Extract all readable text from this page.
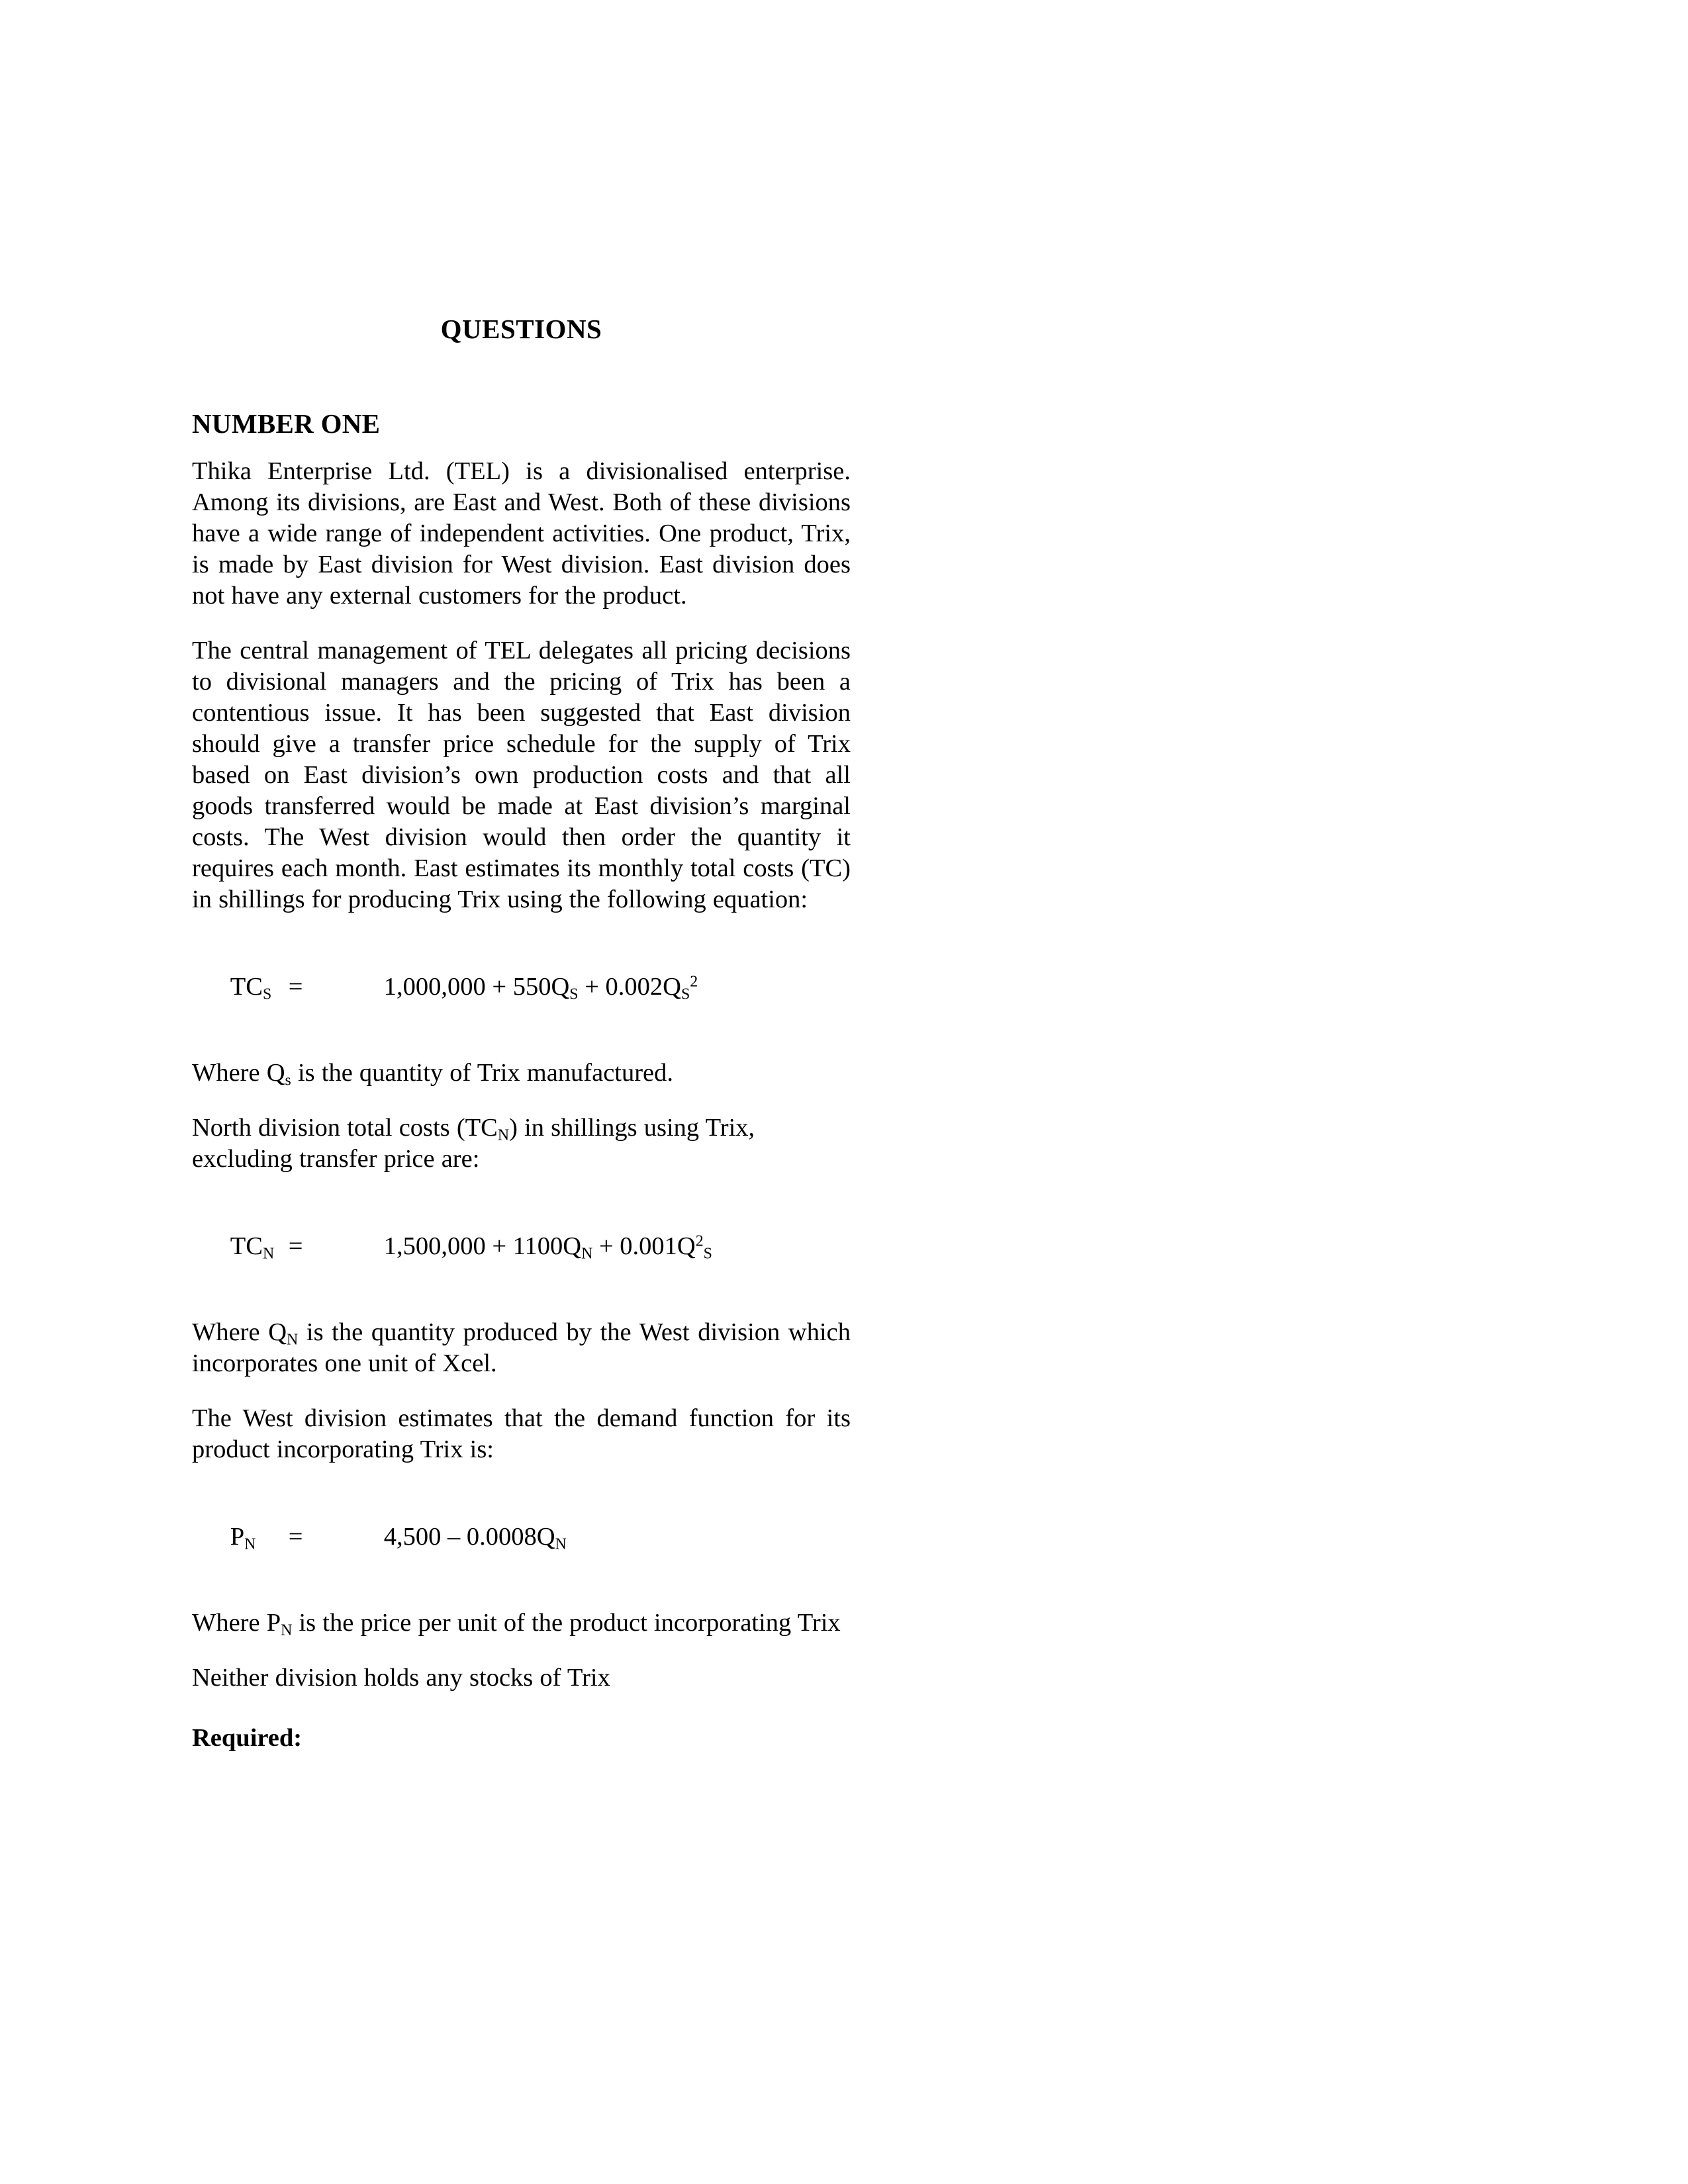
QUESTIONS
NUMBER ONE

Thika Enterprise Ltd. (TEL) is a divisionalised enterprise. Among its divisions, are East and West. Both of these divisions have a wide range of independent activities. One product, Trix, is made by East division for West division. East division does not have any external customers for the product.

The central management of TEL delegates all pricing decisions to divisional managers and the pricing of Trix has been a contentious issue. It has been suggested that East division should give a transfer price schedule for the supply of Trix based on East division’s own production costs and that all goods transferred would be made at East division’s marginal costs. The West division would then order the quantity it requires each month. East estimates its monthly total costs (TC) in shillings for producing Trix using the following equation:

$TC_S$ =	$1,000,000 + 550Q_S + 0.002Q_S^2$

Where $Q_s$ is the quantity of Trix manufactured.

North division total costs $(TC_N)$ in shillings using Trix, excluding transfer price are:

$TC_N$ =	$1,500,000 + 1100Q_N + 0.001Q^2_S$

Where $Q_N$ is the quantity produced by the West division which incorporates one unit of Xcel.

The West division estimates that the demand function for its product incorporating Trix is:

$P_N$ =	$4,500 - 0.0008Q_N$

Where $P_N$ is the price per unit of the product incorporating Trix

Neither division holds any stocks of Trix

Required:
